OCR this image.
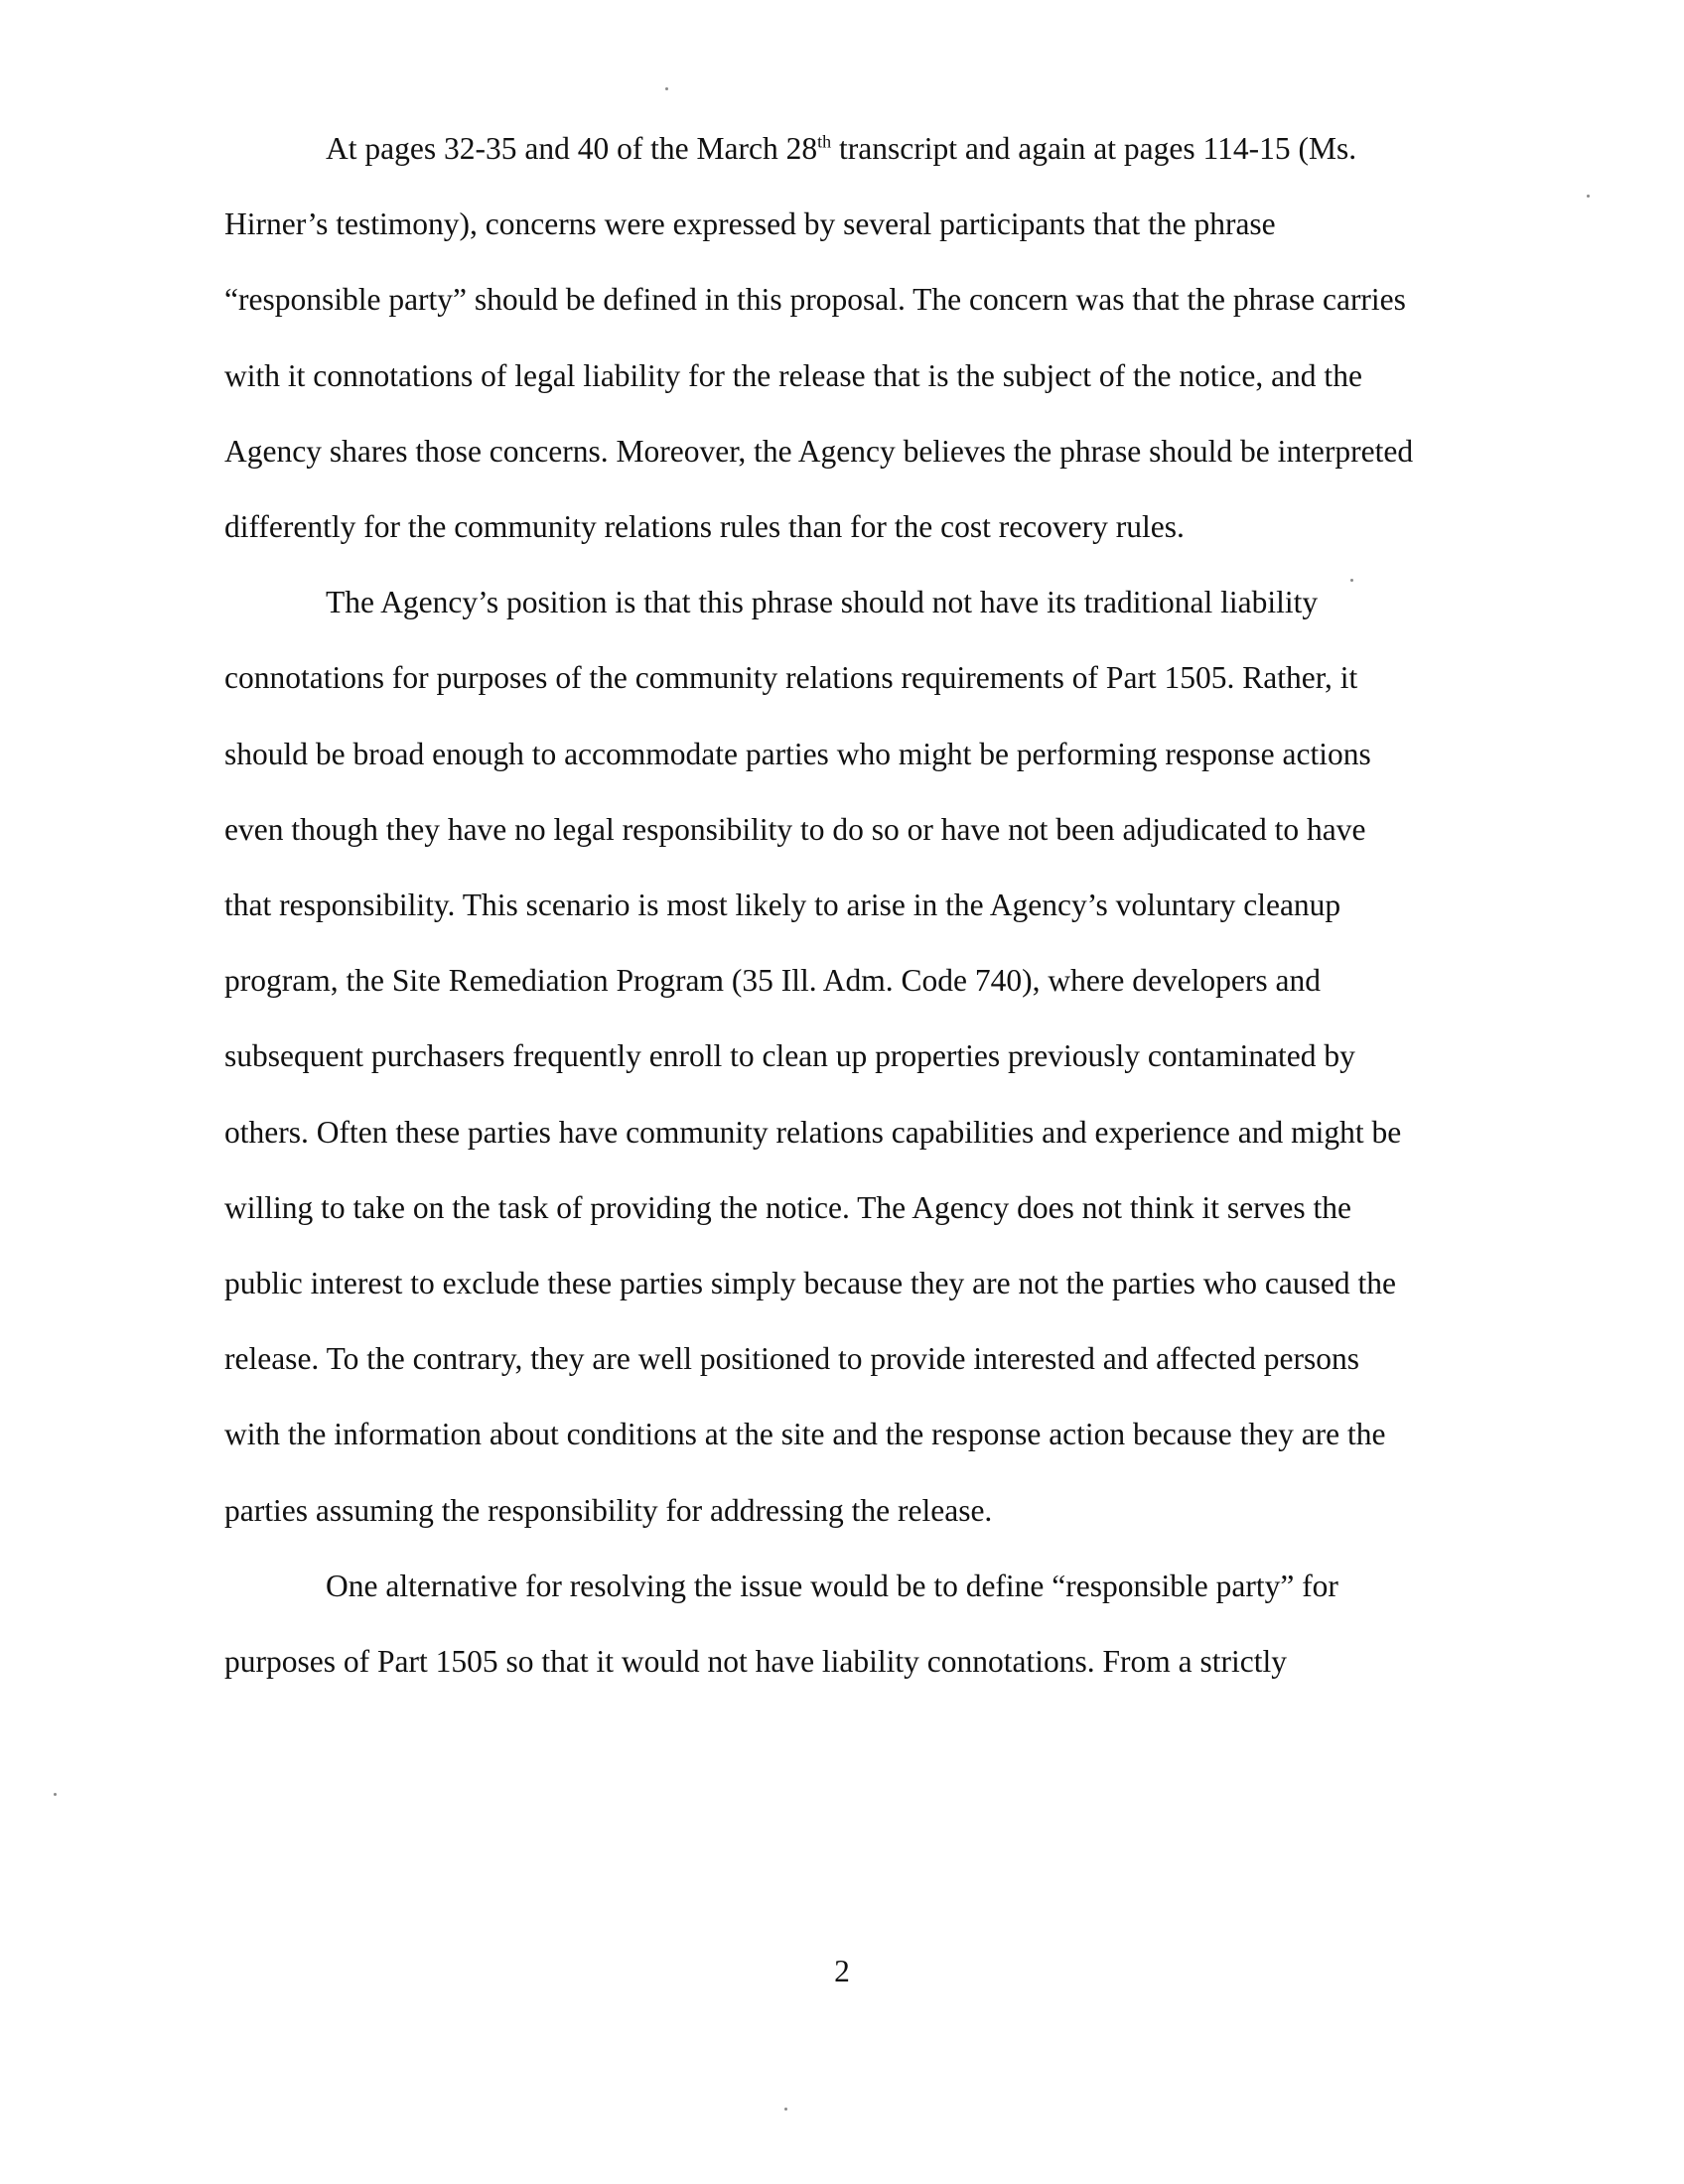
At pages 32-35 and 40 of the March 28th transcript and again at pages 114-15 (Ms. Hirner’s testimony), concerns were expressed by several participants that the phrase “responsible party” should be defined in this proposal. The concern was that the phrase carries with it connotations of legal liability for the release that is the subject of the notice, and the Agency shares those concerns. Moreover, the Agency believes the phrase should be interpreted differently for the community relations rules than for the cost recovery rules.

The Agency’s position is that this phrase should not have its traditional liability connotations for purposes of the community relations requirements of Part 1505. Rather, it should be broad enough to accommodate parties who might be performing response actions even though they have no legal responsibility to do so or have not been adjudicated to have that responsibility. This scenario is most likely to arise in the Agency’s voluntary cleanup program, the Site Remediation Program (35 Ill. Adm. Code 740), where developers and subsequent purchasers frequently enroll to clean up properties previously contaminated by others. Often these parties have community relations capabilities and experience and might be willing to take on the task of providing the notice. The Agency does not think it serves the public interest to exclude these parties simply because they are not the parties who caused the release. To the contrary, they are well positioned to provide interested and affected persons with the information about conditions at the site and the response action because they are the parties assuming the responsibility for addressing the release.

One alternative for resolving the issue would be to define “responsible party” for purposes of Part 1505 so that it would not have liability connotations. From a strictly

2
